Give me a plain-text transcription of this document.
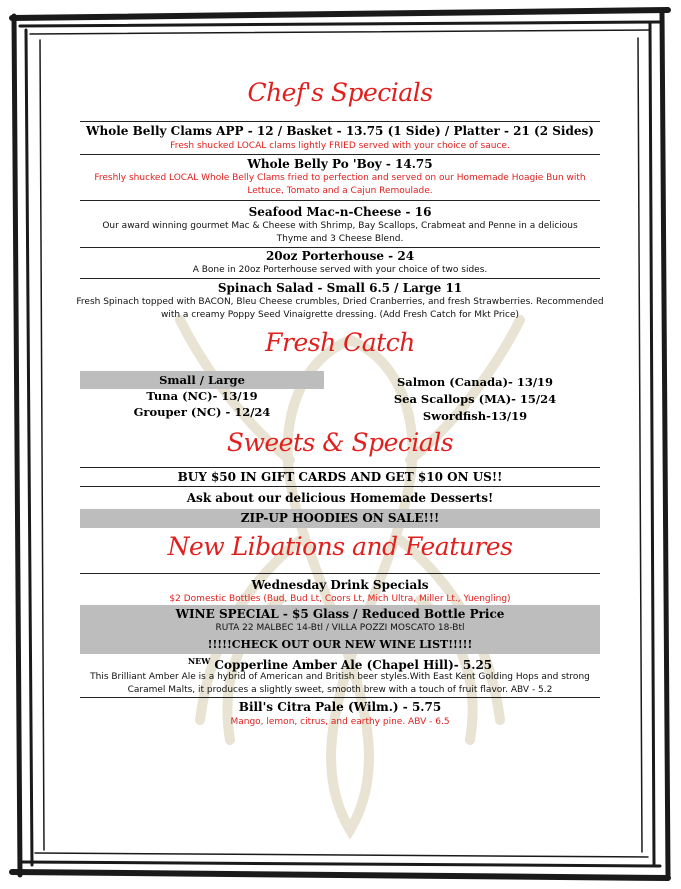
Chef's Specials
Whole Belly Clams APP - 12 / Basket - 13.75 (1 Side) / Platter - 21 (2 Sides)
Fresh shucked LOCAL clams lightly FRIED served with your choice of sauce.
Whole Belly Po 'Boy - 14.75
Freshly shucked LOCAL Whole Belly Clams fried to perfection and served on our Homemade Hoagie Bun with Lettuce, Tomato and a Cajun Remoulade.
Seafood Mac-n-Cheese - 16
Our award winning gourmet Mac & Cheese with Shrimp, Bay Scallops, Crabmeat and Penne in a delicious Thyme and 3 Cheese Blend.
20oz Porterhouse - 24
A Bone in 20oz Porterhouse served with your choice of two sides.
Spinach Salad - Small 6.5 / Large 11
Fresh Spinach topped with BACON, Bleu Cheese crumbles, Dried Cranberries, and fresh Strawberries. Recommended with a creamy Poppy Seed Vinaigrette dressing. (Add Fresh Catch for Mkt Price)
Fresh Catch
Small / Large
Tuna (NC)- 13/19
Grouper (NC) - 12/24
Salmon (Canada)- 13/19
Sea Scallops (MA)- 15/24
Swordfish-13/19
Sweets & Specials
BUY $50 IN GIFT CARDS AND GET $10 ON US!!
Ask about our delicious Homemade Desserts!
ZIP-UP HOODIES ON SALE!!!
New Libations and Features
Wednesday Drink Specials
$2 Domestic Bottles (Bud, Bud Lt, Coors Lt, Mich Ultra, Miller Lt., Yuengling)
WINE SPECIAL - $5 Glass / Reduced Bottle Price
RUTA 22 MALBEC 14-Btl / VILLA POZZI MOSCATO 18-Btl
!!!!!CHECK OUT OUR NEW WINE LIST!!!!!
$^{NEW}$ Copperline Amber Ale (Chapel Hill)- 5.25
This Brilliant Amber Ale is a hybrid of American and British beer styles.With East Kent Golding Hops and strong Caramel Malts, it produces a slightly sweet, smooth brew with a touch of fruit flavor. ABV - 5.2
Bill's Citra Pale (Wilm.) - 5.75
Mango, lemon, citrus, and earthy pine. ABV - 6.5
